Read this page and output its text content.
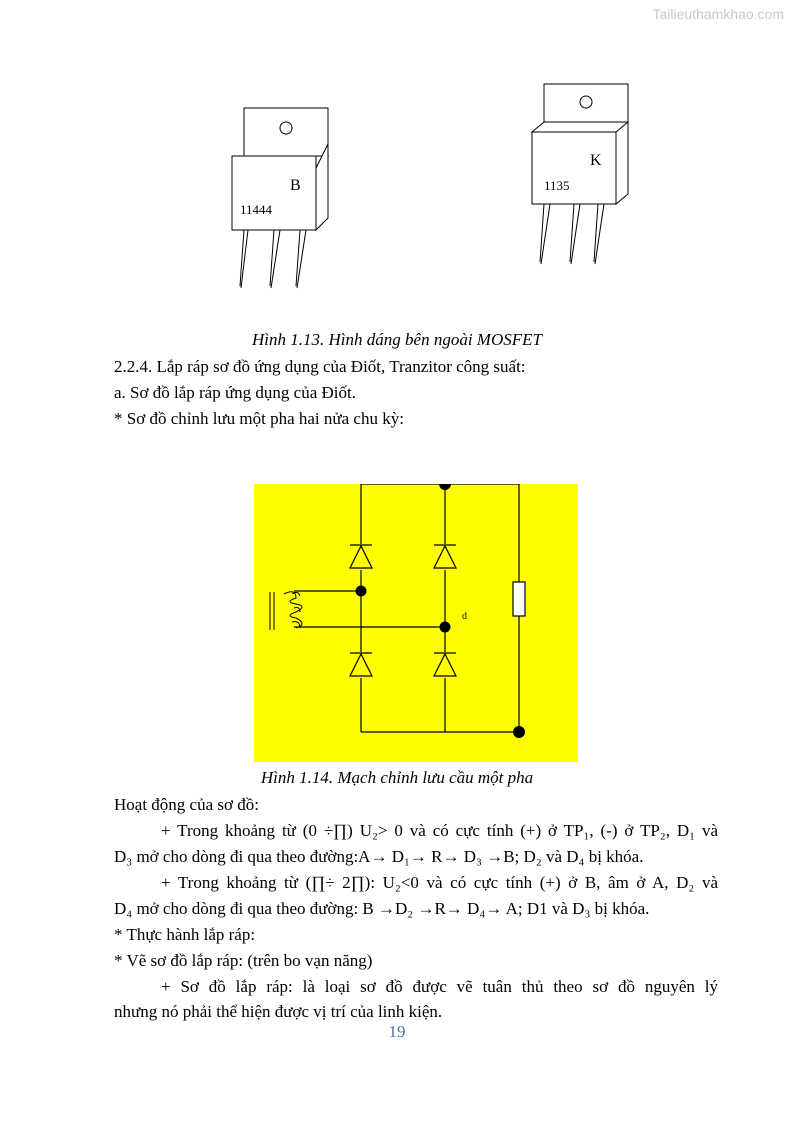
Tailieuthamkhao.com
B
11444
K
1135
Hình 1.13. Hình dáng bên ngoài MOSFET
2.2.4. Lắp ráp sơ đồ ứng dụng của Điốt, Tranzitor công suất:
a. Sơ đồ lắp ráp ứng dụng của Điốt.
* Sơ đồ chỉnh lưu một pha hai nửa chu kỳ:
d
Hình 1.14. Mạch chỉnh lưu cầu một pha
Hoạt động của sơ đồ:
+ Trong khoảng từ (0 ÷∏) U₂> 0 và có cực tính (+) ở TP₁, (-) ở TP₂, D₁ và
D₃ mở cho dòng đi qua theo đường:A→ D₁→ R→ D₃ →B; D₂ và D₄ bị khóa.
+ Trong khoảng từ (∏÷ 2∏): U₂<0 và có cực tính (+) ở B, âm ở A, D₂ và
D₄ mở cho dòng đi qua theo đường: B →D₂ →R→ D₄→ A; D1 và D₃ bị khóa.
* Thực hành lắp ráp:
* Vẽ sơ đồ lắp ráp: (trên bo vạn năng)
+ Sơ đồ lắp ráp: là loại sơ đồ được vẽ tuân thủ theo sơ đồ nguyên lý
nhưng nó phải thể hiện được vị trí của linh kiện.
19
